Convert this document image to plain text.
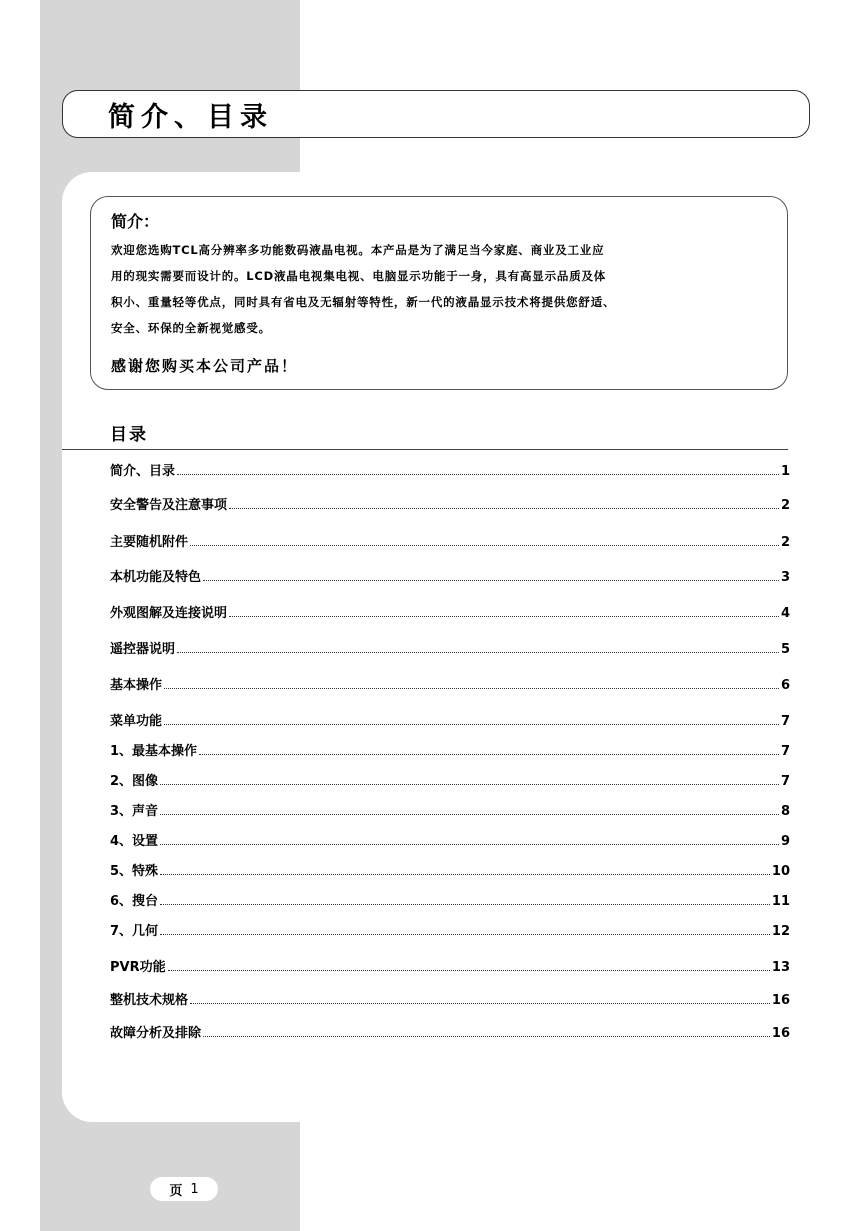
简介、目录
简介：
欢迎您选购TCL高分辨率多功能数码液晶电视。本产品是为了满足当今家庭、商业及工业应
用的现实需要而设计的。LCD液晶电视集电视、电脑显示功能于一身，具有高显示品质及体
积小、重量轻等优点，同时具有省电及无辐射等特性，新一代的液晶显示技术将提供您舒适、
安全、环保的全新视觉感受。
感谢您购买本公司产品！
目录
简介、目录	1
安全警告及注意事项	2
主要随机附件	2
本机功能及特色	3
外观图解及连接说明	4
遥控器说明	5
基本操作	6
菜单功能	7
1、最基本操作	7
2、图像	7
3、声音	8
4、设置	9
5、特殊	10
6、搜台	11
7、几何	12
PVR功能	13
整机技术规格	16
故障分析及排除	16
页 1
